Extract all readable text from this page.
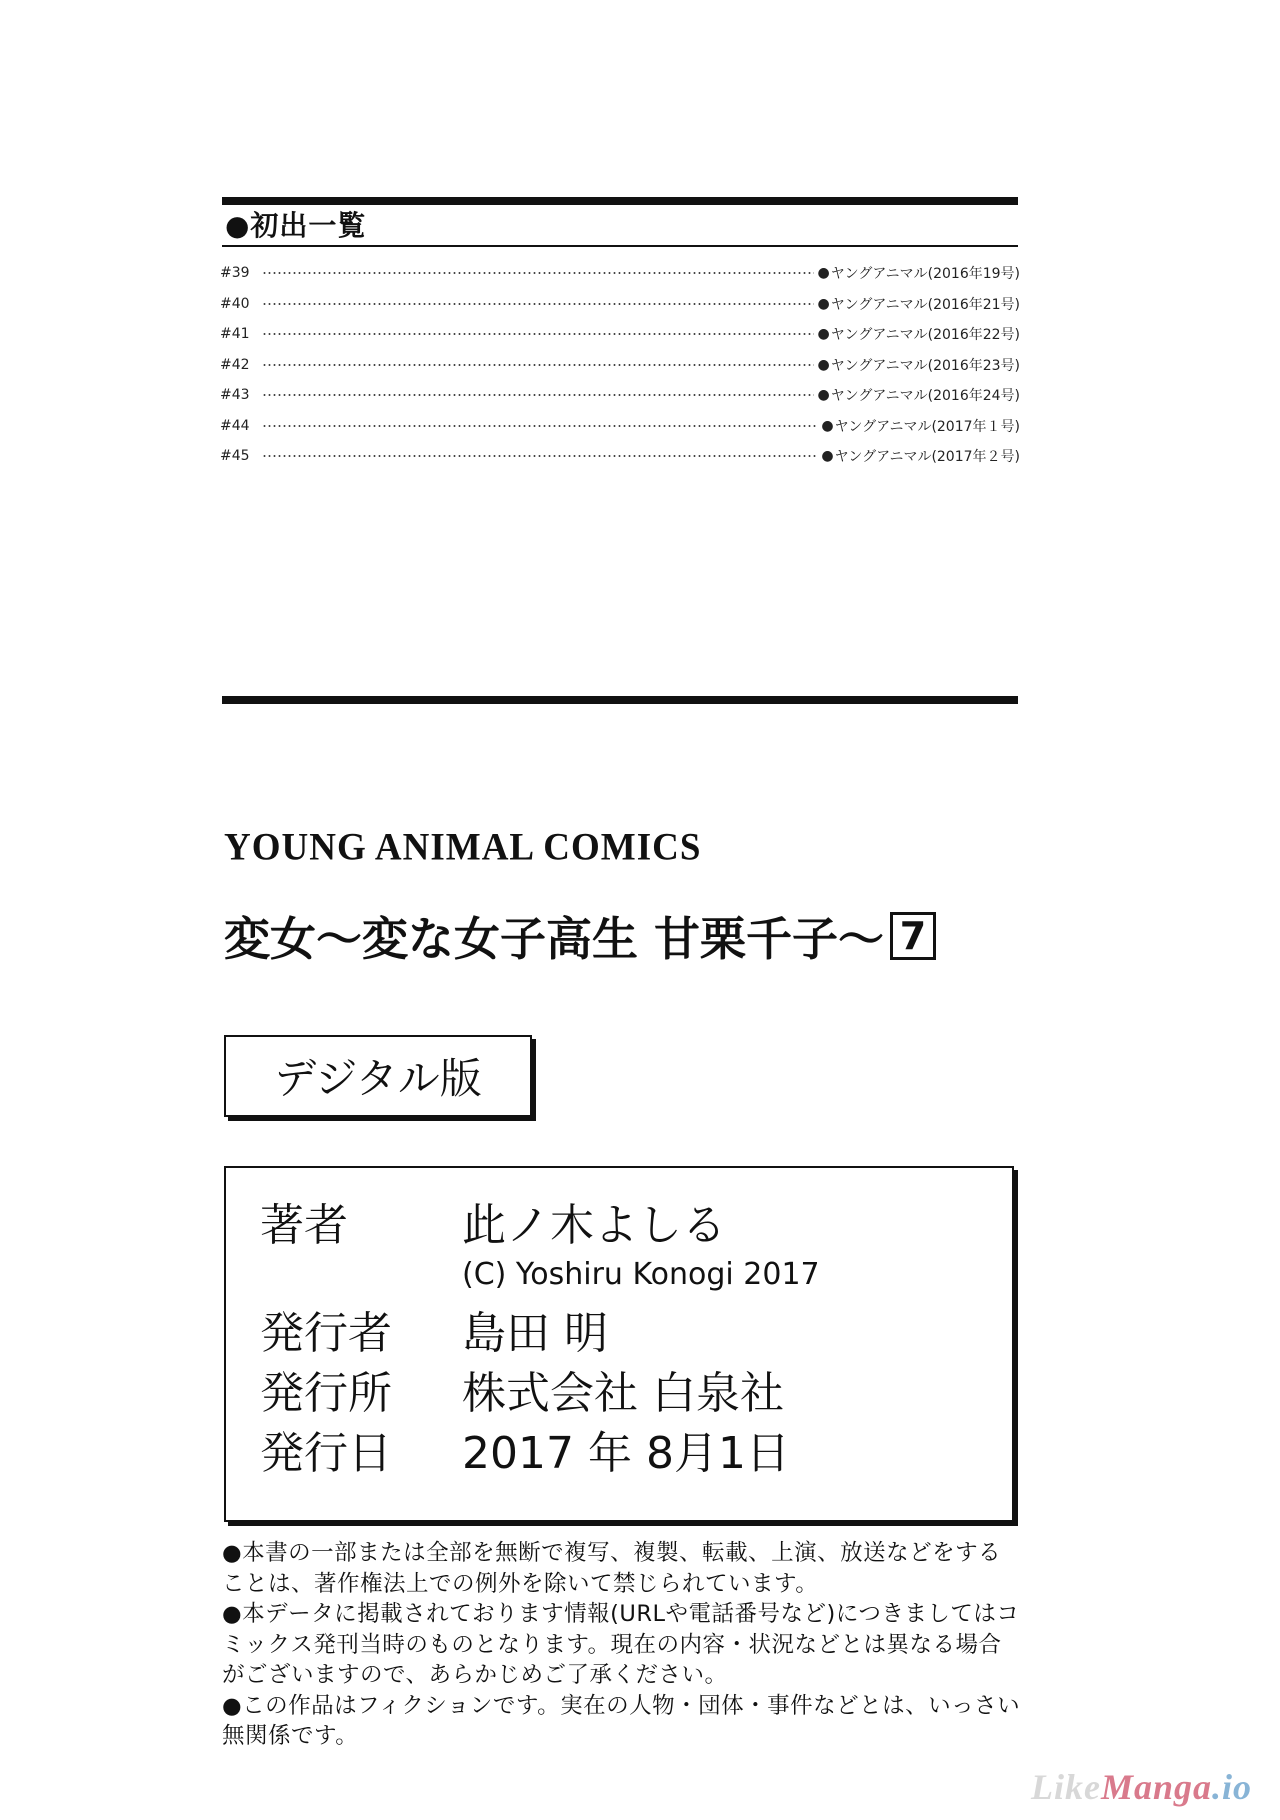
●初出一覧
#39	● ヤングアニマル(2016年19号)
#40	● ヤングアニマル(2016年21号)
#41	● ヤングアニマル(2016年22号)
#42	● ヤングアニマル(2016年23号)
#43	● ヤングアニマル(2016年24号)
#44	● ヤングアニマル(2017年１号)
#45	● ヤングアニマル(2017年２号)
YOUNG ANIMAL COMICS
変女～変な女子高生 甘栗千子～ 7
デジタル版
著者	此ノ木よしる
(C) Yoshiru Konogi 2017
発行者 島田 明
発行所 株式会社 白泉社
発行日 2017 年 8月1日
●本書の一部または全部を無断で複写、複製、転載、上演、放送などをすることは、著作権法上での例外を除いて禁じられています。
●本データに掲載されております情報(URLや電話番号など)につきましてはコミックス発刊当時のものとなります。現在の内容・状況などとは異なる場合がございますので、あらかじめご了承ください。
●この作品はフィクションです。実在の人物・団体・事件などとは、いっさい無関係です。
LikeManga.io
